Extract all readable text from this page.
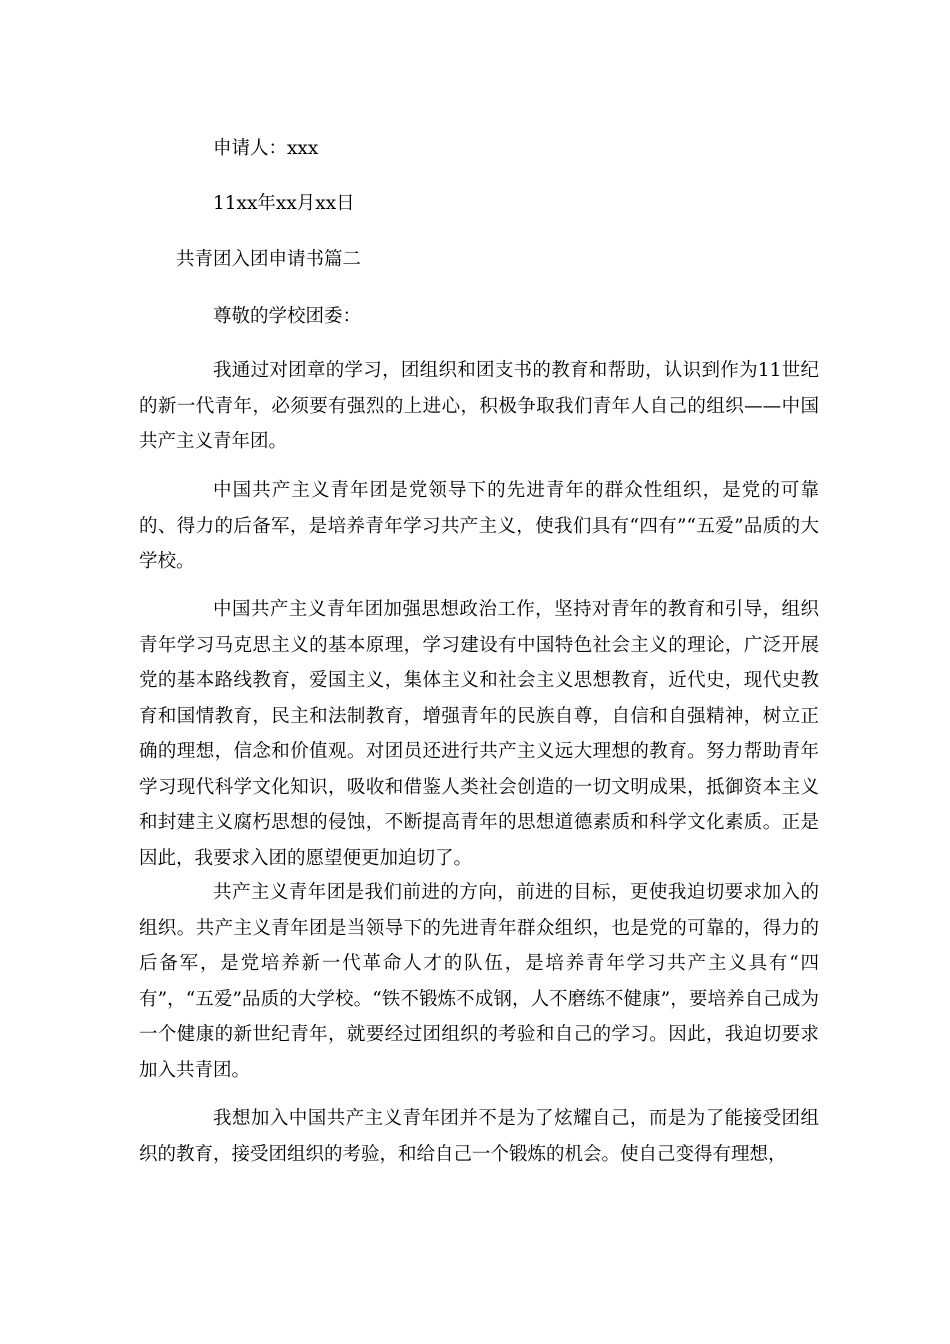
申请人：xxx
11xx年xx月xx日
共青团入团申请书篇二
尊敬的学校团委：

我通过对团章的学习，团组织和团支书的教育和帮助，认识到作为11世纪的新一代青年，必须要有强烈的上进心，积极争取我们青年人自己的组织——中国共产主义青年团。

中国共产主义青年团是党领导下的先进青年的群众性组织，是党的可靠的、得力的后备军，是培养青年学习共产主义，使我们具有“四有”“五爱”品质的大学校。

中国共产主义青年团加强思想政治工作，坚持对青年的教育和引导，组织青年学习马克思主义的基本原理，学习建设有中国特色社会主义的理论，广泛开展党的基本路线教育，爱国主义，集体主义和社会主义思想教育，近代史，现代史教育和国情教育，民主和法制教育，增强青年的民族自尊，自信和自强精神，树立正确的理想，信念和价值观。对团员还进行共产主义远大理想的教育。努力帮助青年学习现代科学文化知识，吸收和借鉴人类社会创造的一切文明成果，抵御资本主义和封建主义腐朽思想的侵蚀，不断提高青年的思想道德素质和科学文化素质。正是因此，我要求入团的愿望便更加迫切了。

共产主义青年团是我们前进的方向，前进的目标，更使我迫切要求加入的组织。共产主义青年团是当领导下的先进青年群众组织，也是党的可靠的，得力的后备军，是党培养新一代革命人才的队伍，是培养青年学习共产主义具有“四有”，“五爱”品质的大学校。“铁不锻炼不成钢，人不磨练不健康”，要培养自己成为一个健康的新世纪青年，就要经过团组织的考验和自己的学习。因此，我迫切要求加入共青团。

我想加入中国共产主义青年团并不是为了炫耀自己，而是为了能接受团组织的教育，接受团组织的考验，和给自己一个锻炼的机会。使自己变得有理想，
